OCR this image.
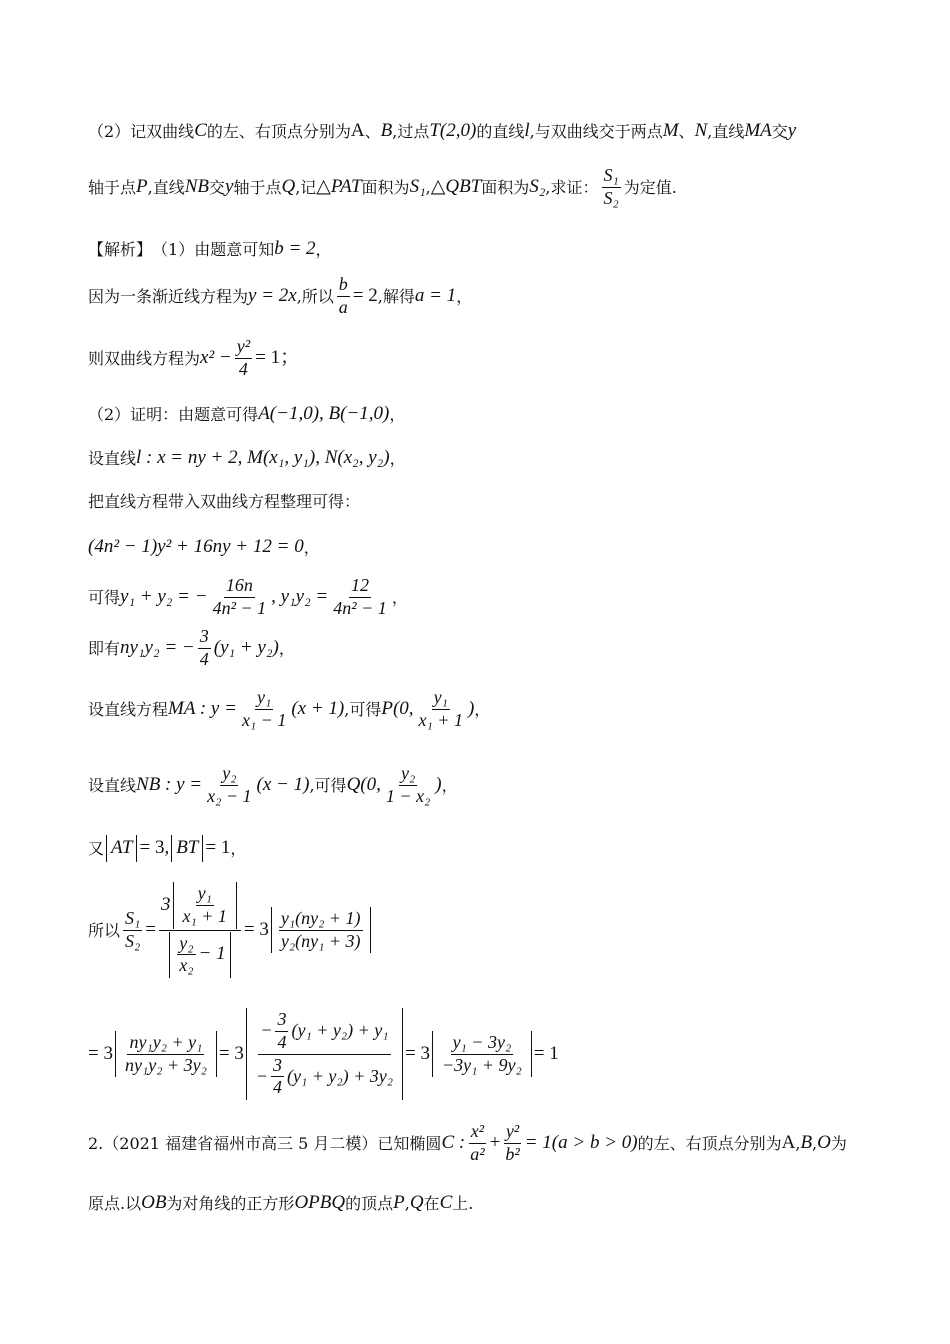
（2）记双曲线 C 的左、右顶点分别为 A 、 B ,过点 T(2,0) 的直线 l ,与双曲线交于两点 M 、 N ,直线 MA 交 y
轴于点 P ,直线 NB 交 y 轴于点 Q ,记 △PAT 面积为 S₁ , △QBT 面积为 S₂ ,求证： $\frac{\text{S₁}}{\text{S₂}}$ 为定值.
【解析】 （1）由题意可知 b = 2 ，
因为一条渐近线方程为 y = 2x ,所以 $\frac{b}{a} = 2$ ,解得 a = 1 ，
则双曲线方程为 $x^2 - \frac{\text{y²}}{4} = 1$；
（2）证明：由题意可得 A(−1,0), B(−1,0) ，
设直线 l : x = ny + 2, M(x₁, y₁), N(x₂, y₂) ，
把直线方程带入双曲线方程整理可得：
(4n² − 1)y² + 16ny + 12 = 0 ，
可得 y₁ + y₂ = − $\frac{16n}{\text{4n² − 1}}$ , $y_1y_2 = \frac{12}{\text{4n² − 1}}$ ，
即有 ny₁y₂ = − $\frac{3}{4} (y_1 + y_2)$ ，
设直线方程 MA : $y = \frac{\text{y₁}}{\text{x₁ − 1}} (x + 1)$ ,可得 P(0, $\frac{\text{y₁}}{\text{x₁ + 1}}$ ) ，
设直线 NB : $y = \frac{\text{y₂}}{\text{x₂ − 1}} (x - 1)$ ,可得 Q(0, $\frac{\text{y₂}}{\text{1 − x₂}}$ ) ，
又 AT = 3, BT = 1 ，
所以 $\frac{\text{S₁}}{\text{S₂}} = \frac{3 \frac{\text{y₁}}{\text{x₁ + 1}}}{\frac{\text{y₂}}{\text{x₂}} - 1} = 3 \frac{\text{y₁(ny₂ + 1)}}{\text{y₂(ny₁ + 3)}}$
= $3 \frac{\text{ny₁y₂ + y₁}}{\text{ny₁y₂ + 3y₂}} = 3 \frac{- \frac{3}{4} (y_1 + y_2) + y_1}{- \frac{3}{4} (y_1 + y_2) + 3y_2} = 3 \frac{\text{y₁ − 3y₂}}{\text{−3y₁ + 9y₂}} = 1$
2.（2021 福建省福州市高三 5 月二模）已知椭圆 C : $\frac{\text{x²}}{\text{a²}} + \frac{\text{y²}}{\text{b²}} = 1(a > b > 0)$ 的左、右顶点分别为 A , B , O 为
原点.以 OB 为对角线的正方形 OPBQ 的顶点 P , Q 在 C 上.
